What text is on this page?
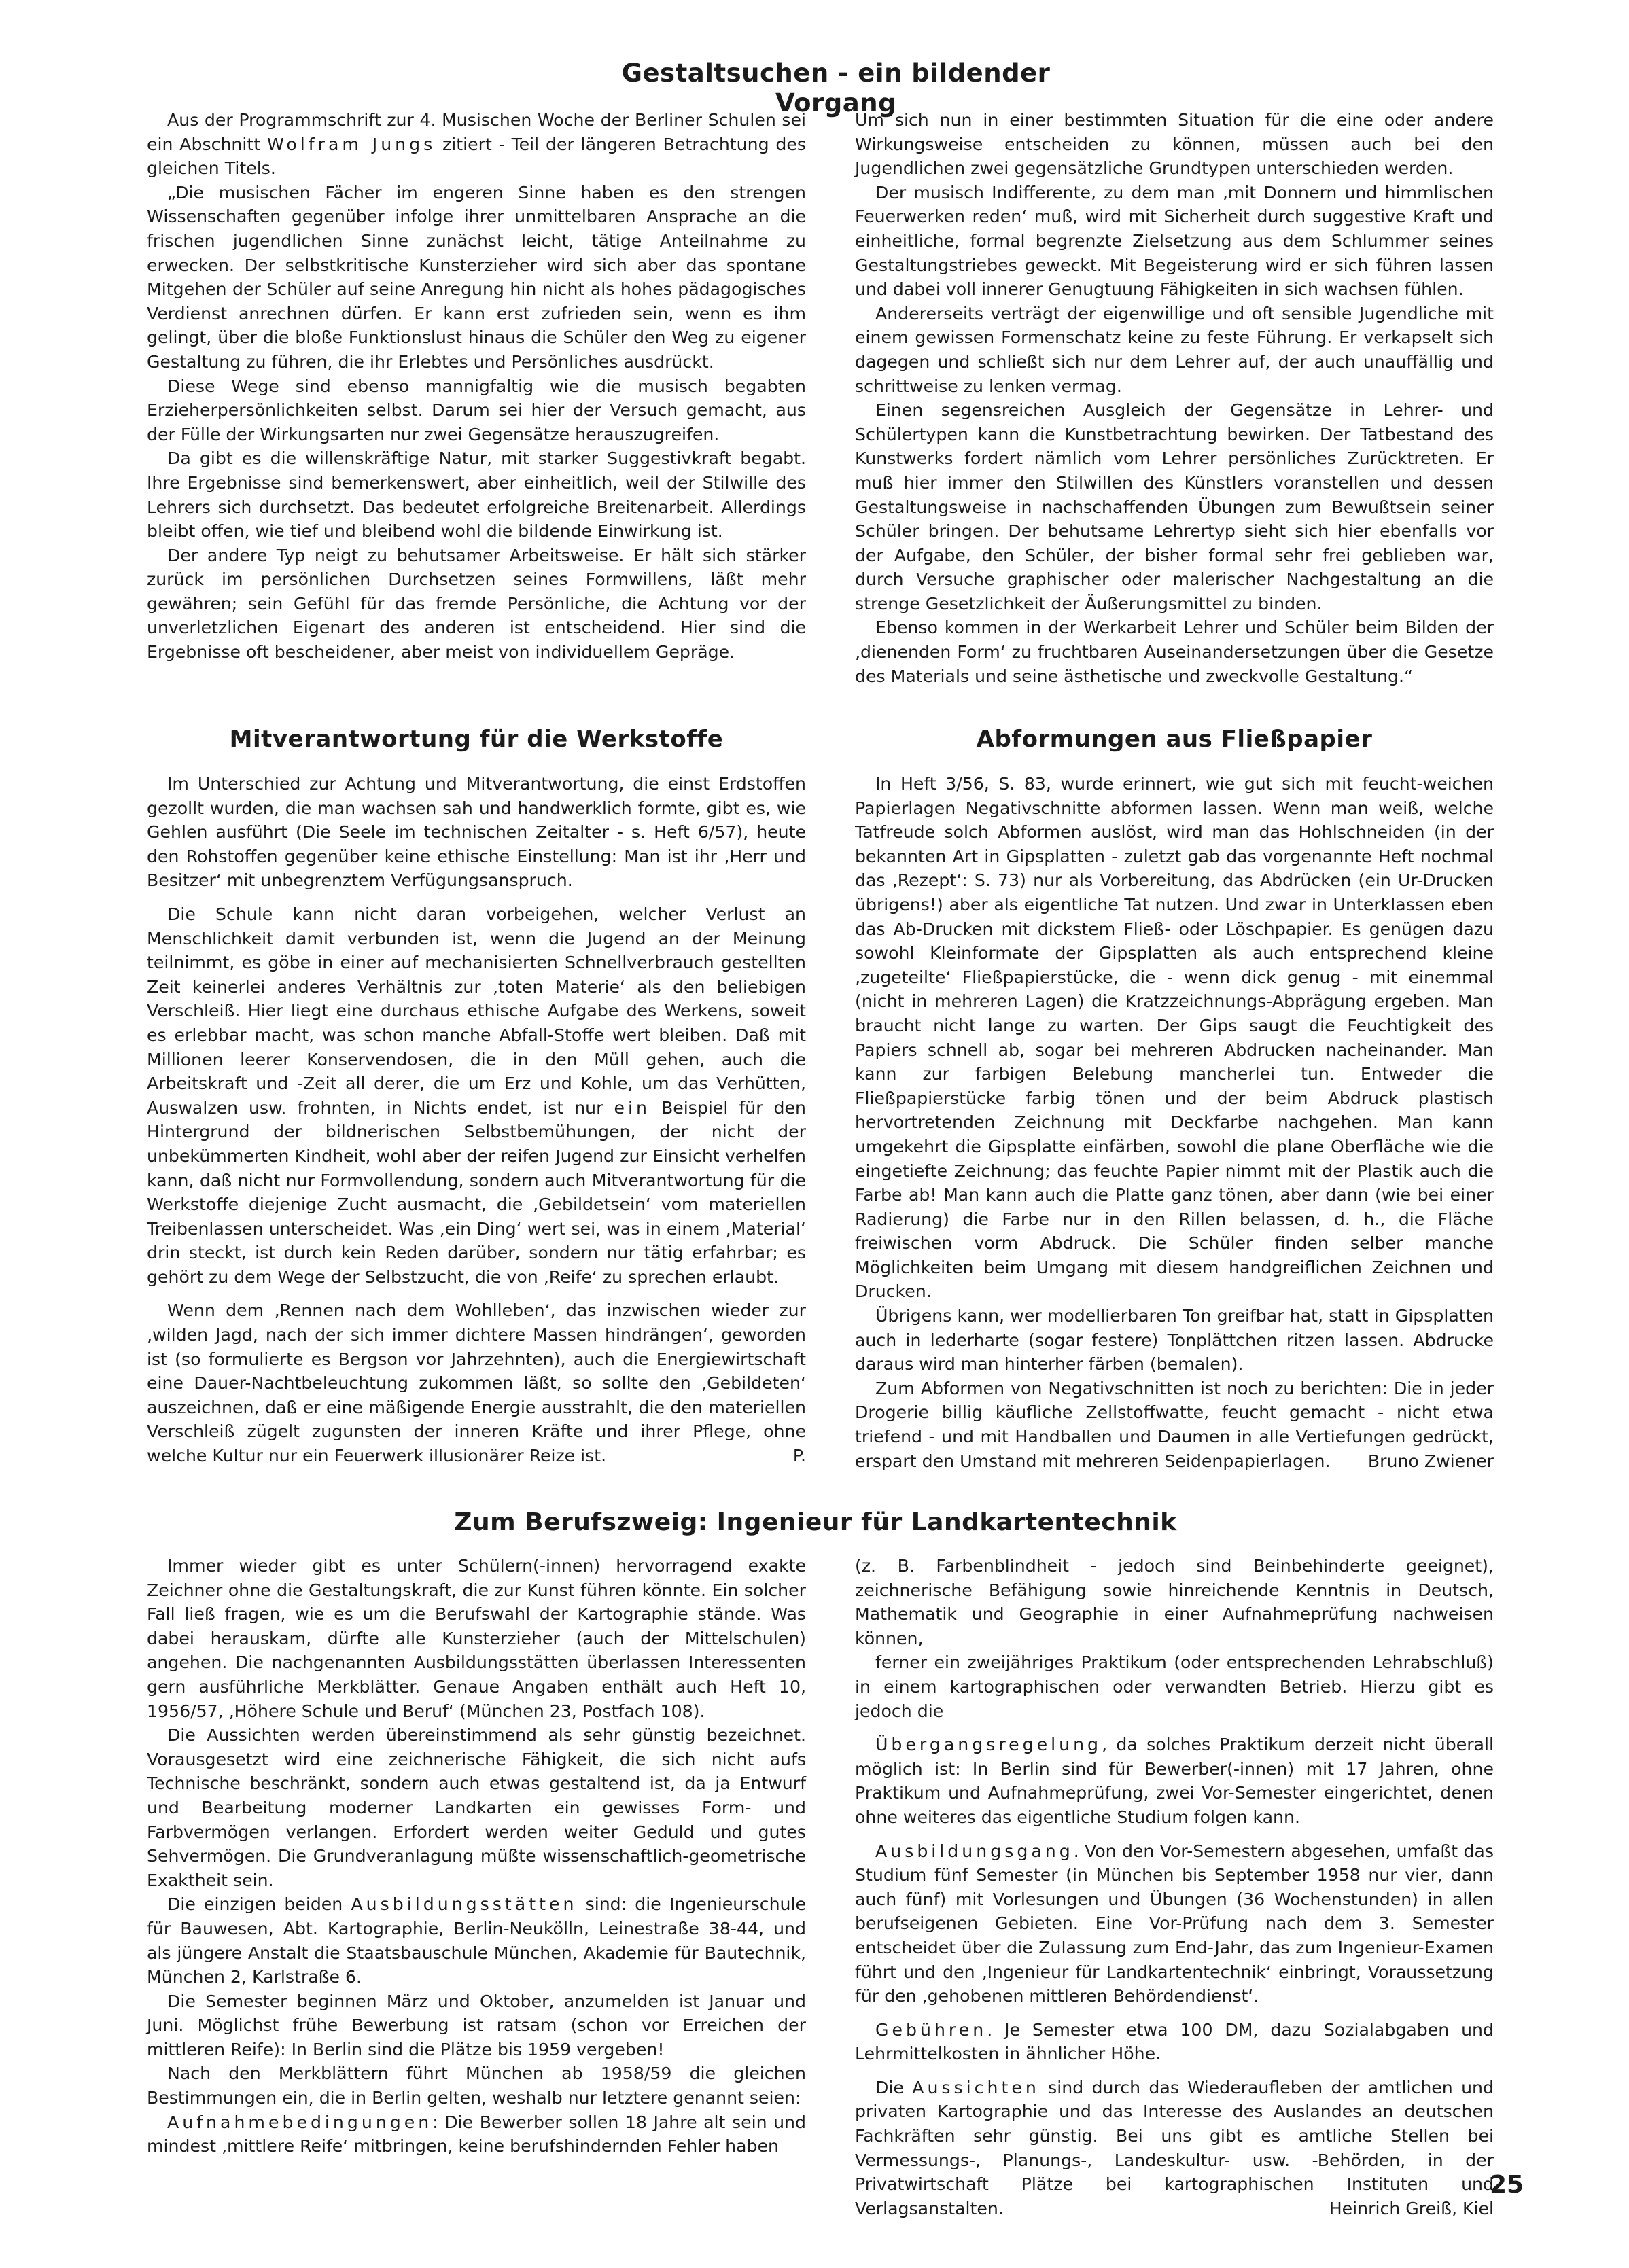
Gestaltsuchen - ein bildender Vorgang

Aus der Programmschrift zur 4. Musischen Woche der Berliner Schulen sei ein Abschnitt Wolfram Jungs zitiert - Teil der längeren Betrachtung des gleichen Titels.

„Die musischen Fächer im engeren Sinne haben es den strengen Wissenschaften gegenüber infolge ihrer unmittelbaren Ansprache an die frischen jugendlichen Sinne zunächst leicht, tätige Anteilnahme zu erwecken. Der selbstkritische Kunsterzieher wird sich aber das spontane Mitgehen der Schüler auf seine Anregung hin nicht als hohes pädagogisches Verdienst anrechnen dürfen. Er kann erst zufrieden sein, wenn es ihm gelingt, über die bloße Funktionslust hinaus die Schüler den Weg zu eigener Gestaltung zu führen, die ihr Erlebtes und Persönliches ausdrückt.

Diese Wege sind ebenso mannigfaltig wie die musisch begabten Erzieherpersönlichkeiten selbst. Darum sei hier der Versuch gemacht, aus der Fülle der Wirkungsarten nur zwei Gegensätze herauszugreifen.

Da gibt es die willenskräftige Natur, mit starker Suggestivkraft begabt. Ihre Ergebnisse sind bemerkenswert, aber einheitlich, weil der Stilwille des Lehrers sich durchsetzt. Das bedeutet erfolgreiche Breitenarbeit. Allerdings bleibt offen, wie tief und bleibend wohl die bildende Einwirkung ist.

Der andere Typ neigt zu behutsamer Arbeitsweise. Er hält sich stärker zurück im persönlichen Durchsetzen seines Formwillens, läßt mehr gewähren; sein Gefühl für das fremde Persönliche, die Achtung vor der unverletzlichen Eigenart des anderen ist entscheidend. Hier sind die Ergebnisse oft bescheidener, aber meist von individuellem Gepräge.

Um sich nun in einer bestimmten Situation für die eine oder andere Wirkungsweise entscheiden zu können, müssen auch bei den Jugendlichen zwei gegensätzliche Grundtypen unterschieden werden.

Der musisch Indifferente, zu dem man ‚mit Donnern und himmlischen Feuerwerken reden‘ muß, wird mit Sicherheit durch suggestive Kraft und einheitliche, formal begrenzte Zielsetzung aus dem Schlummer seines Gestaltungstriebes geweckt. Mit Begeisterung wird er sich führen lassen und dabei voll innerer Genugtuung Fähigkeiten in sich wachsen fühlen.

Andererseits verträgt der eigenwillige und oft sensible Jugendliche mit einem gewissen Formenschatz keine zu feste Führung. Er verkapselt sich dagegen und schließt sich nur dem Lehrer auf, der auch unauffällig und schrittweise zu lenken vermag.

Einen segensreichen Ausgleich der Gegensätze in Lehrer- und Schülertypen kann die Kunstbetrachtung bewirken. Der Tatbestand des Kunstwerks fordert nämlich vom Lehrer persönliches Zurücktreten. Er muß hier immer den Stilwillen des Künstlers voranstellen und dessen Gestaltungsweise in nachschaffenden Übungen zum Bewußtsein seiner Schüler bringen. Der behutsame Lehrertyp sieht sich hier ebenfalls vor der Aufgabe, den Schüler, der bisher formal sehr frei geblieben war, durch Versuche graphischer oder malerischer Nachgestaltung an die strenge Gesetzlichkeit der Äußerungsmittel zu binden.

Ebenso kommen in der Werkarbeit Lehrer und Schüler beim Bilden der ‚dienenden Form‘ zu fruchtbaren Auseinandersetzungen über die Gesetze des Materials und seine ästhetische und zweckvolle Gestaltung.“

Mitverantwortung für die Werkstoffe

Im Unterschied zur Achtung und Mitverantwortung, die einst Erdstoffen gezollt wurden, die man wachsen sah und handwerklich formte, gibt es, wie Gehlen ausführt (Die Seele im technischen Zeitalter - s. Heft 6/57), heute den Rohstoffen gegenüber keine ethische Einstellung: Man ist ihr ‚Herr und Besitzer‘ mit unbegrenztem Verfügungsanspruch.

Die Schule kann nicht daran vorbeigehen, welcher Verlust an Menschlichkeit damit verbunden ist, wenn die Jugend an der Meinung teilnimmt, es göbe in einer auf mechanisierten Schnellverbrauch gestellten Zeit keinerlei anderes Verhältnis zur ‚toten Materie‘ als den beliebigen Verschleiß. Hier liegt eine durchaus ethische Aufgabe des Werkens, soweit es erlebbar macht, was schon manche Abfall-Stoffe wert bleiben. Daß mit Millionen leerer Konservendosen, die in den Müll gehen, auch die Arbeitskraft und -Zeit all derer, die um Erz und Kohle, um das Verhütten, Auswalzen usw. frohnten, in Nichts endet, ist nur ein Beispiel für den Hintergrund der bildnerischen Selbstbemühungen, der nicht der unbekümmerten Kindheit, wohl aber der reifen Jugend zur Einsicht verhelfen kann, daß nicht nur Formvollendung, sondern auch Mitverantwortung für die Werkstoffe diejenige Zucht ausmacht, die ‚Gebildetsein‘ vom materiellen Treibenlassen unterscheidet. Was ‚ein Ding‘ wert sei, was in einem ‚Material‘ drin steckt, ist durch kein Reden darüber, sondern nur tätig erfahrbar; es gehört zu dem Wege der Selbstzucht, die von ‚Reife‘ zu sprechen erlaubt.

Wenn dem ‚Rennen nach dem Wohlleben‘, das inzwischen wieder zur ‚wilden Jagd, nach der sich immer dichtere Massen hindrängen‘, geworden ist (so formulierte es Bergson vor Jahrzehnten), auch die Energiewirtschaft eine Dauer-Nachtbeleuchtung zukommen läßt, so sollte den ‚Gebildeten‘ auszeichnen, daß er eine mäßigende Energie ausstrahlt, die den materiellen Verschleiß zügelt zugunsten der inneren Kräfte und ihrer Pflege, ohne welche Kultur nur ein Feuerwerk illusionärer Reize ist.	P.

Abformungen aus Fließpapier

In Heft 3/56, S. 83, wurde erinnert, wie gut sich mit feucht-weichen Papierlagen Negativschnitte abformen lassen. Wenn man weiß, welche Tatfreude solch Abformen auslöst, wird man das Hohlschneiden (in der bekannten Art in Gipsplatten - zuletzt gab das vorgenannte Heft nochmal das ‚Rezept‘: S. 73) nur als Vorbereitung, das Abdrücken (ein Ur-Drucken übrigens!) aber als eigentliche Tat nutzen. Und zwar in Unterklassen eben das Ab-Drucken mit dickstem Fließ- oder Löschpapier. Es genügen dazu sowohl Kleinformate der Gipsplatten als auch entsprechend kleine ‚zugeteilte‘ Fließpapierstücke, die - wenn dick genug - mit einemmal (nicht in mehreren Lagen) die Kratzzeichnungs-Abprägung ergeben. Man braucht nicht lange zu warten. Der Gips saugt die Feuchtigkeit des Papiers schnell ab, sogar bei mehreren Abdrucken nacheinander. Man kann zur farbigen Belebung mancherlei tun. Entweder die Fließpapierstücke farbig tönen und der beim Abdruck plastisch hervortretenden Zeichnung mit Deckfarbe nachgehen. Man kann umgekehrt die Gipsplatte einfärben, sowohl die plane Oberfläche wie die eingetiefte Zeichnung; das feuchte Papier nimmt mit der Plastik auch die Farbe ab! Man kann auch die Platte ganz tönen, aber dann (wie bei einer Radierung) die Farbe nur in den Rillen belassen, d. h., die Fläche freiwischen vorm Abdruck. Die Schüler finden selber manche Möglichkeiten beim Umgang mit diesem handgreiflichen Zeichnen und Drucken.

Übrigens kann, wer modellierbaren Ton greifbar hat, statt in Gipsplatten auch in lederharte (sogar festere) Tonplättchen ritzen lassen. Abdrucke daraus wird man hinterher färben (bemalen).

Zum Abformen von Negativschnitten ist noch zu berichten: Die in jeder Drogerie billig käufliche Zellstoffwatte, feucht gemacht - nicht etwa triefend - und mit Handballen und Daumen in alle Vertiefungen gedrückt, erspart den Umstand mit mehreren Seidenpapierlagen. Bruno Zwiener

Zum Berufszweig: Ingenieur für Landkartentechnik

Immer wieder gibt es unter Schülern(-innen) hervorragend exakte Zeichner ohne die Gestaltungskraft, die zur Kunst führen könnte. Ein solcher Fall ließ fragen, wie es um die Berufswahl der Kartographie stände. Was dabei herauskam, dürfte alle Kunsterzieher (auch der Mittelschulen) angehen. Die nachgenannten Ausbildungsstätten überlassen Interessenten gern ausführliche Merkblätter. Genaue Angaben enthält auch Heft 10, 1956/57, ‚Höhere Schule und Beruf‘ (München 23, Postfach 108).

Die Aussichten werden übereinstimmend als sehr günstig bezeichnet. Vorausgesetzt wird eine zeichnerische Fähigkeit, die sich nicht aufs Technische beschränkt, sondern auch etwas gestaltend ist, da ja Entwurf und Bearbeitung moderner Landkarten ein gewisses Form- und Farbvermögen verlangen. Erfordert werden weiter Geduld und gutes Sehvermögen. Die Grundveranlagung müßte wissenschaftlich-geometrische Exaktheit sein.

Die einzigen beiden Ausbildungsstätten sind: die Ingenieurschule für Bauwesen, Abt. Kartographie, Berlin-Neukölln, Leinestraße 38-44, und als jüngere Anstalt die Staatsbauschule München, Akademie für Bautechnik, München 2, Karlstraße 6.

Die Semester beginnen März und Oktober, anzumelden ist Januar und Juni. Möglichst frühe Bewerbung ist ratsam (schon vor Erreichen der mittleren Reife): In Berlin sind die Plätze bis 1959 vergeben!

Nach den Merkblättern führt München ab 1958/59 die gleichen Bestimmungen ein, die in Berlin gelten, weshalb nur letztere genannt seien:

Aufnahmebedingungen: Die Bewerber sollen 18 Jahre alt sein und mindest ‚mittlere Reife‘ mitbringen, keine berufshindernden Fehler haben

(z. B. Farbenblindheit - jedoch sind Beinbehinderte geeignet), zeichnerische Befähigung sowie hinreichende Kenntnis in Deutsch, Mathematik und Geographie in einer Aufnahmeprüfung nachweisen können,

ferner ein zweijähriges Praktikum (oder entsprechenden Lehrabschluß) in einem kartographischen oder verwandten Betrieb. Hierzu gibt es jedoch die

Übergangsregelung, da solches Praktikum derzeit nicht überall möglich ist: In Berlin sind für Bewerber(-innen) mit 17 Jahren, ohne Praktikum und Aufnahmeprüfung, zwei Vor-Semester eingerichtet, denen ohne weiteres das eigentliche Studium folgen kann.

Ausbildungsgang. Von den Vor-Semestern abgesehen, umfaßt das Studium fünf Semester (in München bis September 1958 nur vier, dann auch fünf) mit Vorlesungen und Übungen (36 Wochenstunden) in allen berufseigenen Gebieten. Eine Vor-Prüfung nach dem 3. Semester entscheidet über die Zulassung zum End-Jahr, das zum Ingenieur-Examen führt und den ‚Ingenieur für Landkartentechnik‘ einbringt, Voraussetzung für den ‚gehobenen mittleren Behördendienst‘.

Gebühren. Je Semester etwa 100 DM, dazu Sozialabgaben und Lehrmittelkosten in ähnlicher Höhe.

Die Aussichten sind durch das Wiederaufleben der amtlichen und privaten Kartographie und das Interesse des Auslandes an deutschen Fachkräften sehr günstig. Bei uns gibt es amtliche Stellen bei Vermessungs-, Planungs-, Landeskultur- usw. -Behörden, in der Privatwirtschaft Plätze bei kartographischen Instituten und Verlagsanstalten.	Heinrich Greiß, Kiel

25
